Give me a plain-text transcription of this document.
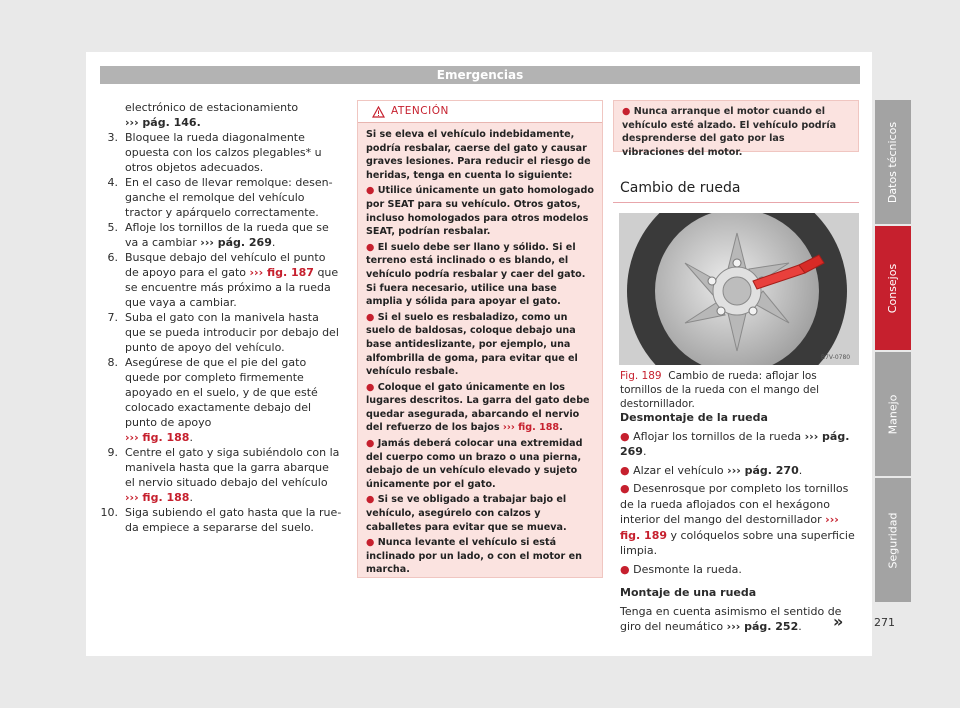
Emergencias
electrónico de estacionamiento
››› pág. 146.
3. Bloquee la rueda diagonalmente opuesta con los calzos plegables* u otros objetos adecuados.
4. En el caso de llevar remolque: desenganche el remolque del vehículo tractor y apárquelo correctamente.
5. Afloje los tornillos de la rueda que se va a cambiar ››› pág. 269.
6. Busque debajo del vehículo el punto de apoyo para el gato ››› fig. 187 que se encuentre más próximo a la rueda que vaya a cambiar.
7. Suba el gato con la manivela hasta que se pueda introducir por debajo del punto de apoyo del vehículo.
8. Asegúrese de que el pie del gato quede por completo firmemente apoyado en el suelo, y de que esté colocado exactamente debajo del punto de apoyo
››› fig. 188.
9. Centre el gato y siga subiéndolo con la manivela hasta que la garra abarque el nervio situado debajo del vehículo
››› fig. 188.
10. Siga subiendo el gato hasta que la rueda empiece a separarse del suelo.
ATENCIÓN

Si se eleva el vehículo indebidamente, podría resbalar, caerse del gato y causar graves lesiones. Para reducir el riesgo de heridas, tenga en cuenta lo siguiente:

● Utilice únicamente un gato homologado por SEAT para su vehículo. Otros gatos, incluso homologados para otros modelos SEAT, podrían resbalar.

● El suelo debe ser llano y sólido. Si el terreno está inclinado o es blando, el vehículo podría resbalar y caer del gato. Si fuera necesario, utilice una base amplia y sólida para apoyar el gato.

● Si el suelo es resbaladizo, como un suelo de baldosas, coloque debajo una base antideslizante, por ejemplo, una alfombrilla de goma, para evitar que el vehículo resbale.

● Coloque el gato únicamente en los lugares descritos. La garra del gato debe quedar asegurada, abarcando el nervio del refuerzo de los bajos ››› fig. 188.

● Jamás deberá colocar una extremidad del cuerpo como un brazo o una pierna, debajo de un vehículo elevado y sujeto únicamente por el gato.

● Si se ve obligado a trabajar bajo el vehículo, asegúrelo con calzos y caballetes para evitar que se mueva.

● Nunca levante el vehículo si está inclinado por un lado, o con el motor en marcha.

● Nunca arranque el motor cuando el vehículo esté alzado. El vehículo podría desprenderse del gato por las vibraciones del motor.
Cambio de rueda
B7V-0780
Fig. 189 Cambio de rueda: aflojar los tornillos de la rueda con el mango del destornillador.
Desmontaje de la rueda
● Aflojar los tornillos de la rueda ››› pág. 269.
● Alzar el vehículo ››› pág. 270.
● Desenrosque por completo los tornillos de la rueda aflojados con el hexágono interior del mango del destornillador ››› fig. 189 y colóquelos sobre una superficie limpia.
● Desmonte la rueda.
Montaje de una rueda
Tenga en cuenta asimismo el sentido de giro del neumático ››› pág. 252.	»	271
Datos técnicos
Consejos
Manejo
Seguridad
